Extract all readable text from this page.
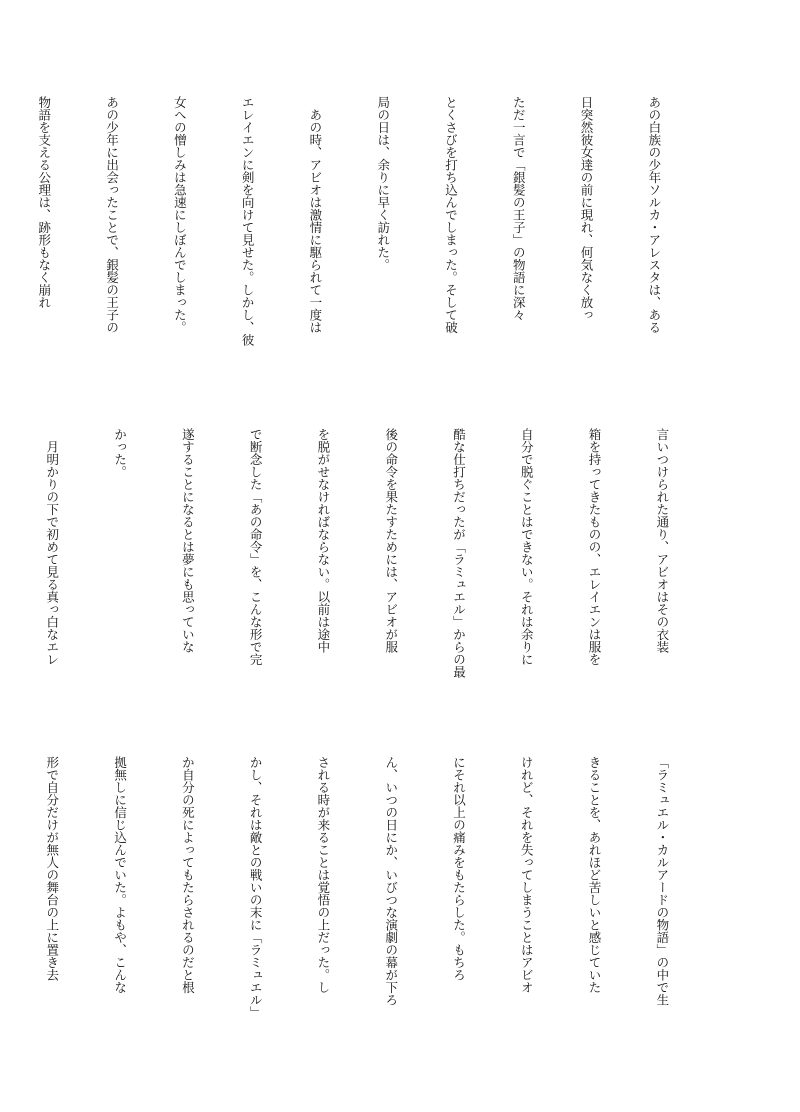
あの白族の少年ソルカ・アレスタは、ある

日突然彼女達の前に現れ、何気なく放っ

ただ一言で「銀髪の王子」の物語に深々

とくさびを打ち込んでしまった。そして破

局の日は、余りに早く訪れた。

　あの時、アビオは激情に駆られて一度は

エレイエンに剣を向けて見せた。しかし、彼

女への憎しみは急速にしぼんでしまった。

あの少年に出会ったことで、銀髪の王子の

物語を支える公理は、跡形もなく崩れ

言いつけられた通り、アビオはその衣装

箱を持ってきたものの、エレイエンは服を

自分で脱ぐことはできない。それは余りに

酷な仕打ちだったが「ラミュエル」からの最

後の命令を果たすためには、アビオが服

を脱がせなければならない。以前は途中

で断念した「あの命令」を、こんな形で完

遂することになるとは夢にも思っていな

かった。

　月明かりの下で初めて見る真っ白なエレ

「ラミュエル・カルアードの物語」の中で生

きることを、あれほど苦しいと感じていた

けれど、それを失ってしまうことはアビオ

にそれ以上の痛みをもたらした。もちろ

ん、いつの日にか、いびつな演劇の幕が下ろ

される時が来ることは覚悟の上だった。し

かし、それは敵との戦いの末に「ラミュエル」

か自分の死によってもたらされるのだと根

拠無しに信じ込んでいた。よもや、こんな

形で自分だけが無人の舞台の上に置き去
